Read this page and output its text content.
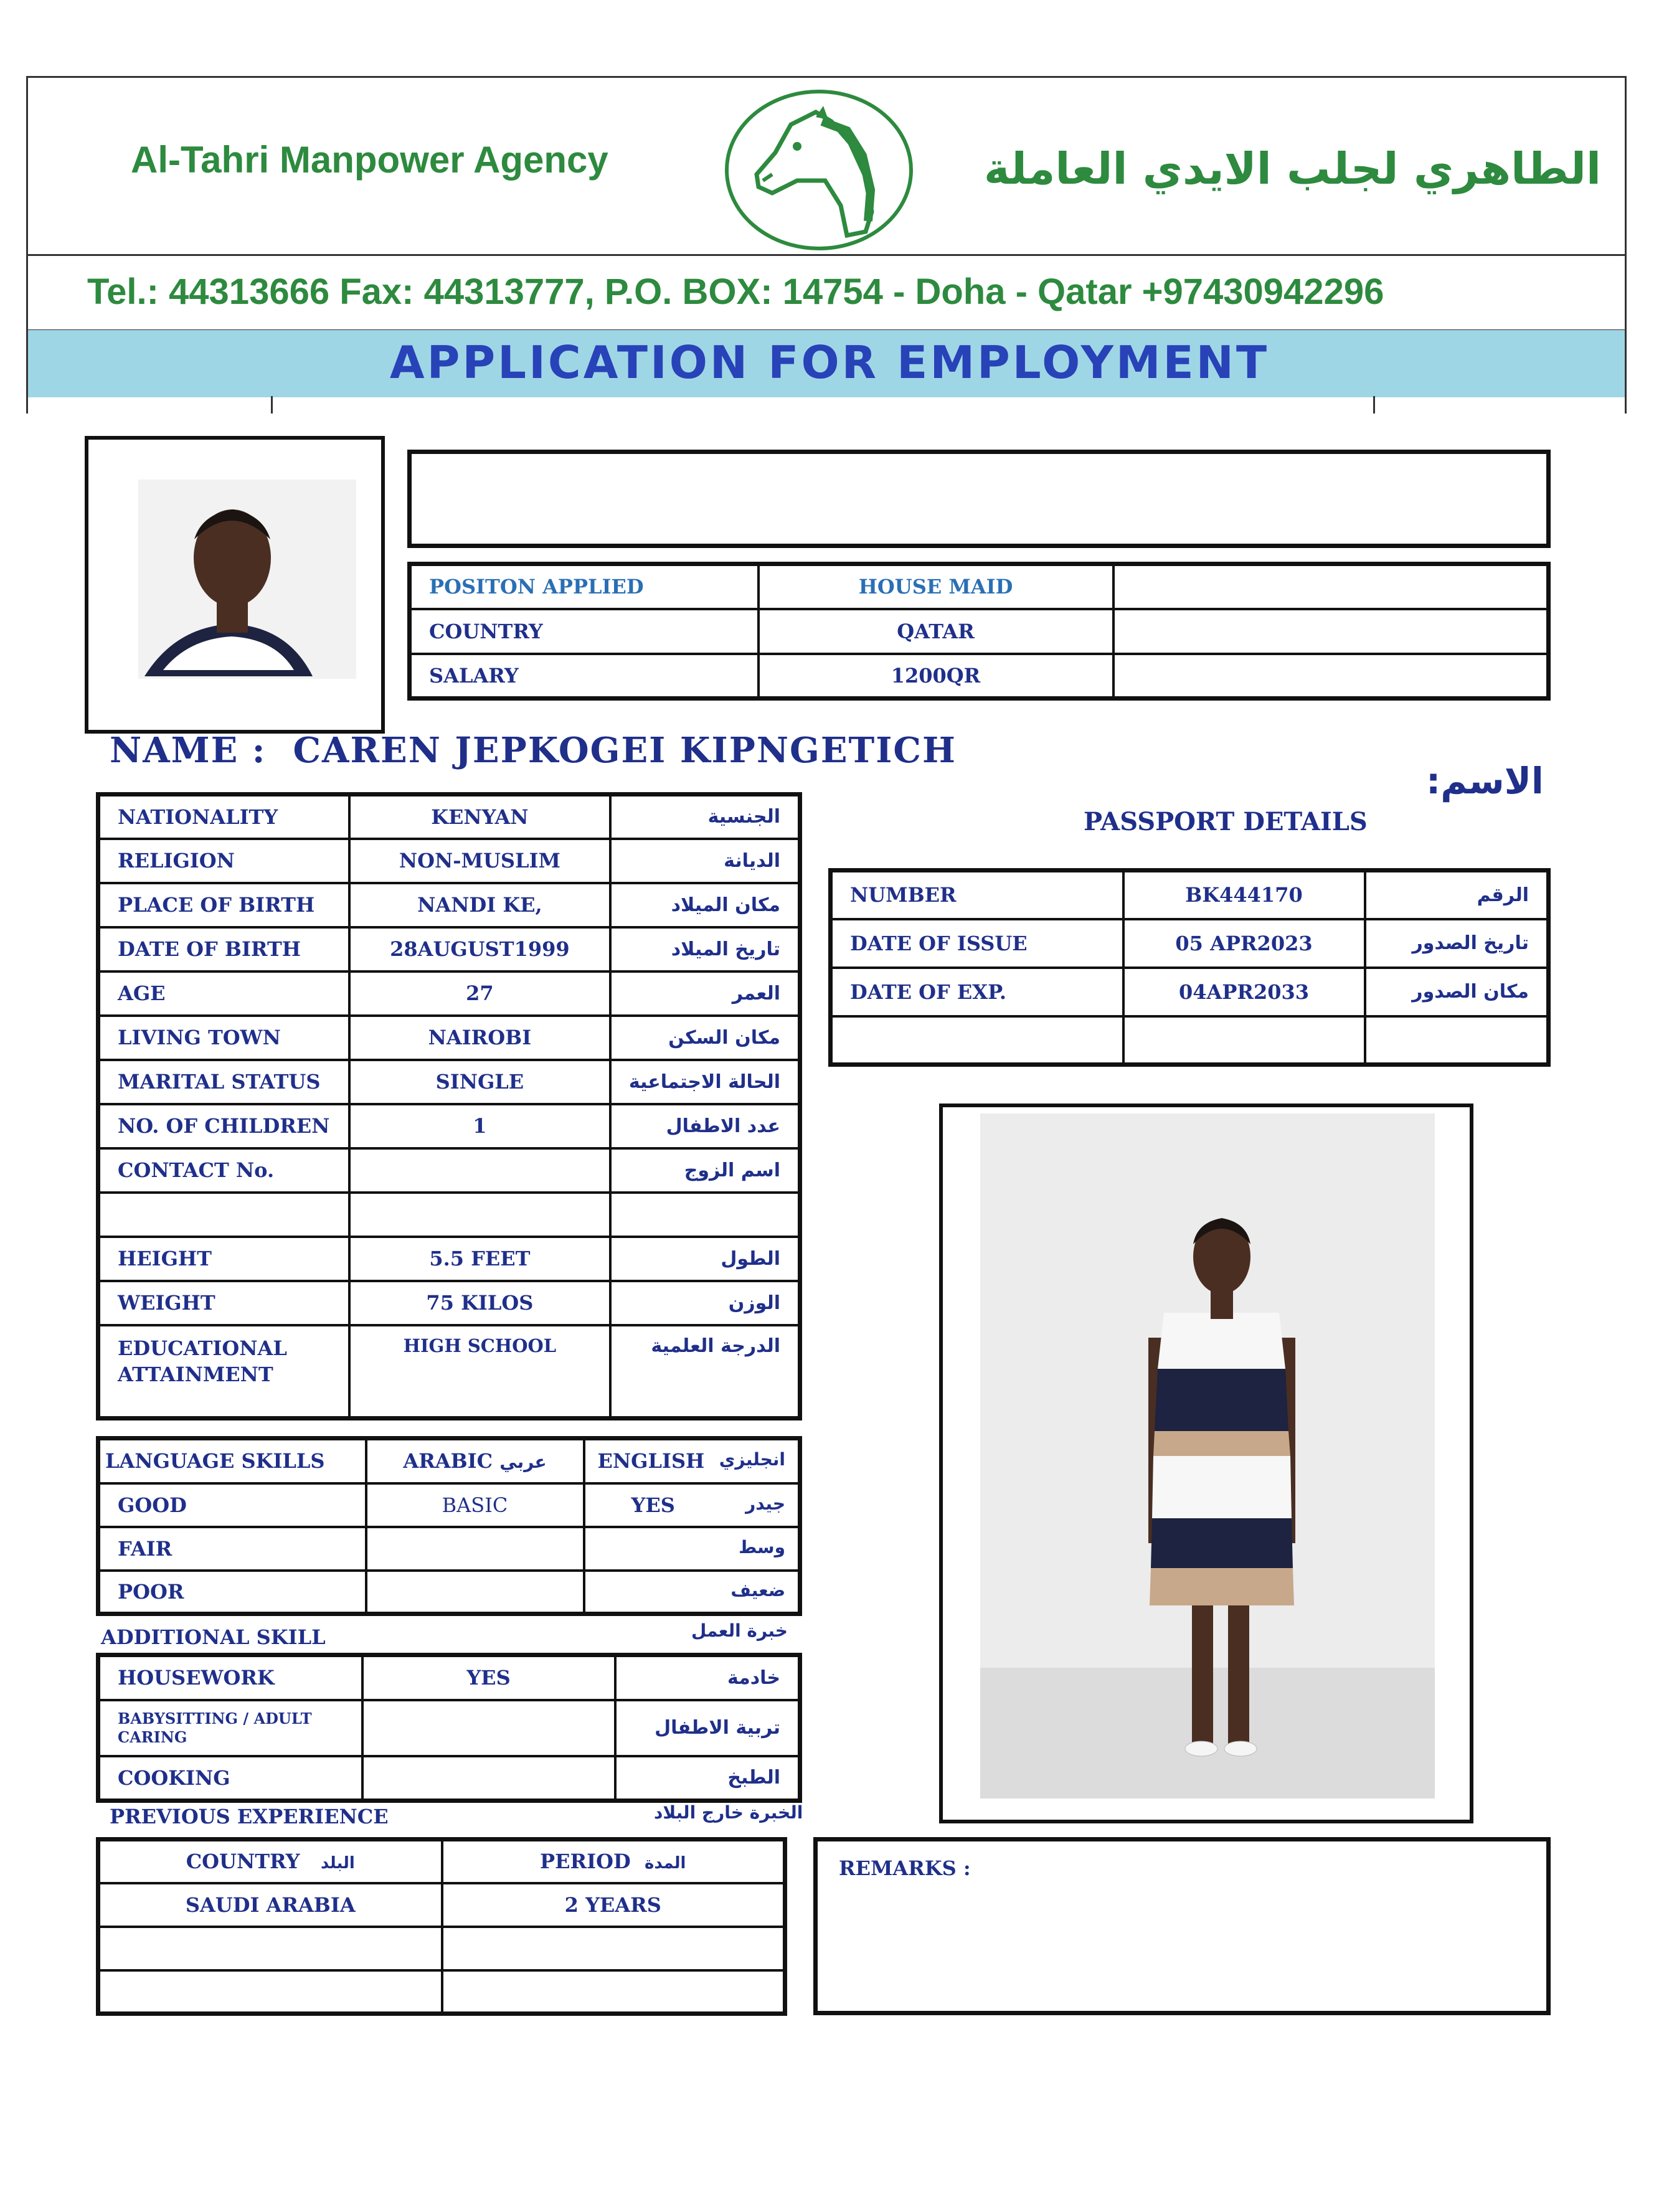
Al-Tahri Manpower Agency	الطاهري لجلب الايدي العاملة
Tel.: 44313666 Fax: 44313777, P.O. BOX: 14754 - Doha - Qatar +97430942296
APPLICATION FOR EMPLOYMENT
POSITON APPLIED	HOUSE MAID	
COUNTRY	QATAR	
SALARY	1200QR	
NAME : CAREN JEPKOGEI KIPNGETICH
الاسم:
NATIONALITY	KENYAN	الجنسية
RELIGION	NON-MUSLIM	الديانة
PLACE OF BIRTH	NANDI KE,	مكان الميلاد
DATE OF BIRTH	28AUGUST1999	تاريخ الميلاد
AGE	27	العمر
LIVING TOWN	NAIROBI	مكان السكن
MARITAL STATUS	SINGLE	الحالة الاجتماعية
NO. OF CHILDREN	1	عدد الاطفال
CONTACT No.		اسم الزوج

HEIGHT	5.5 FEET	الطول
WEIGHT	75 KILOS	الوزن
EDUCATIONAL
ATTAINMENT	HIGH SCHOOL	الدرجة العلمية
PASSPORT DETAILS
NUMBER	BK444170	الرقم
DATE OF ISSUE	05 APR2023	تاريخ الصدور
DATE OF EXP.	04APR2033	مكان الصدور

LANGUAGE SKILLS	ARABIC عربي	ENGLISH انجليزي

GOOD	BASIC	YES جيدر

FAIR		وسط

POOR		ضعيف
ADDITIONAL SKILL	خبرة العمل
HOUSEWORK	YES	خادمة
BABYSITTING / ADULT
CARING		تربية الاطفال
COOKING		الطبخ
PREVIOUS EXPERIENCE	الخبرة خارج البلاد
COUNTRY البلد	PERIOD المدة
SAUDI ARABIA	2 YEARS

REMARKS :
